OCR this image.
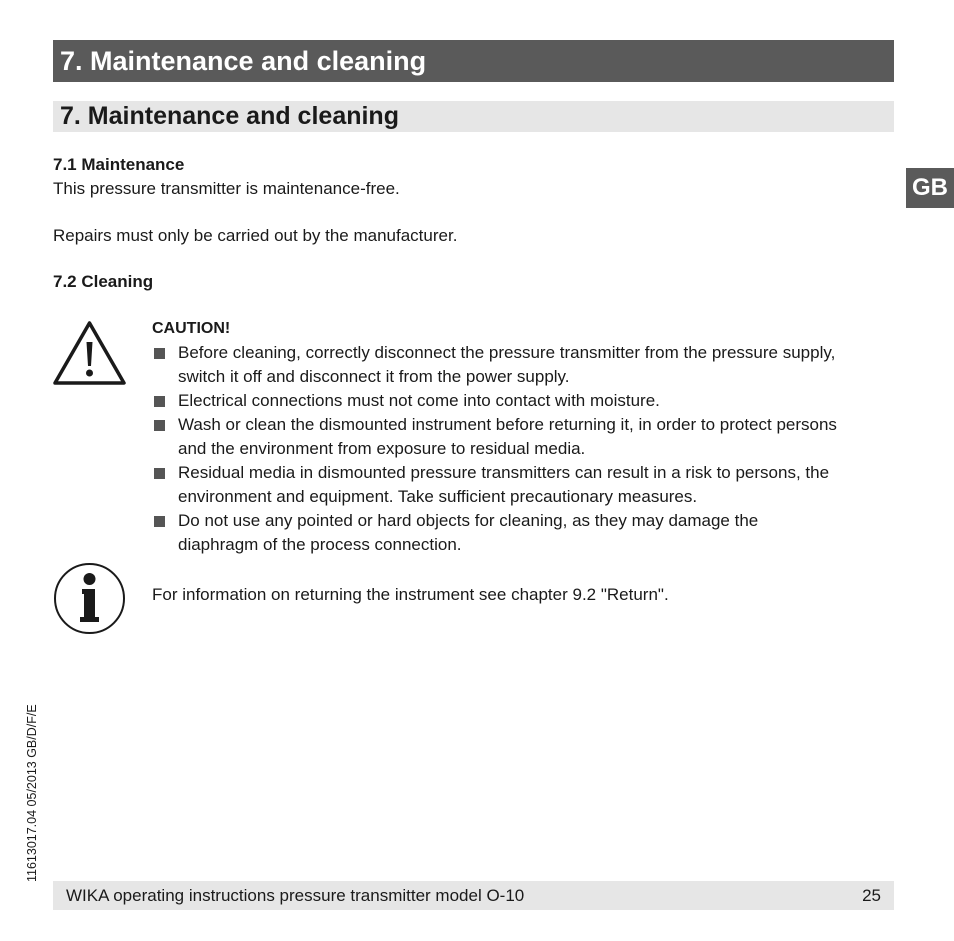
7. Maintenance and cleaning
7. Maintenance and cleaning
GB
7.1 Maintenance
This pressure transmitter is maintenance-free.
Repairs must only be carried out by the manufacturer.
7.2 Cleaning
CAUTION!
Before cleaning, correctly disconnect the pressure transmitter from the pressure supply,
switch it off and disconnect it from the power supply.
Electrical connections must not come into contact with moisture.
Wash or clean the dismounted instrument before returning it, in order to protect persons
and the environment from exposure to residual media.
Residual media in dismounted pressure transmitters can result in a risk to persons, the
environment and equipment. Take sufficient precautionary measures.
Do not use any pointed or hard objects for cleaning, as they may damage the
diaphragm of the process connection.
For information on returning the instrument see chapter 9.2 "Return".
11613017.04 05/2013 GB/D/F/E
WIKA operating instructions pressure transmitter model O-10	25
